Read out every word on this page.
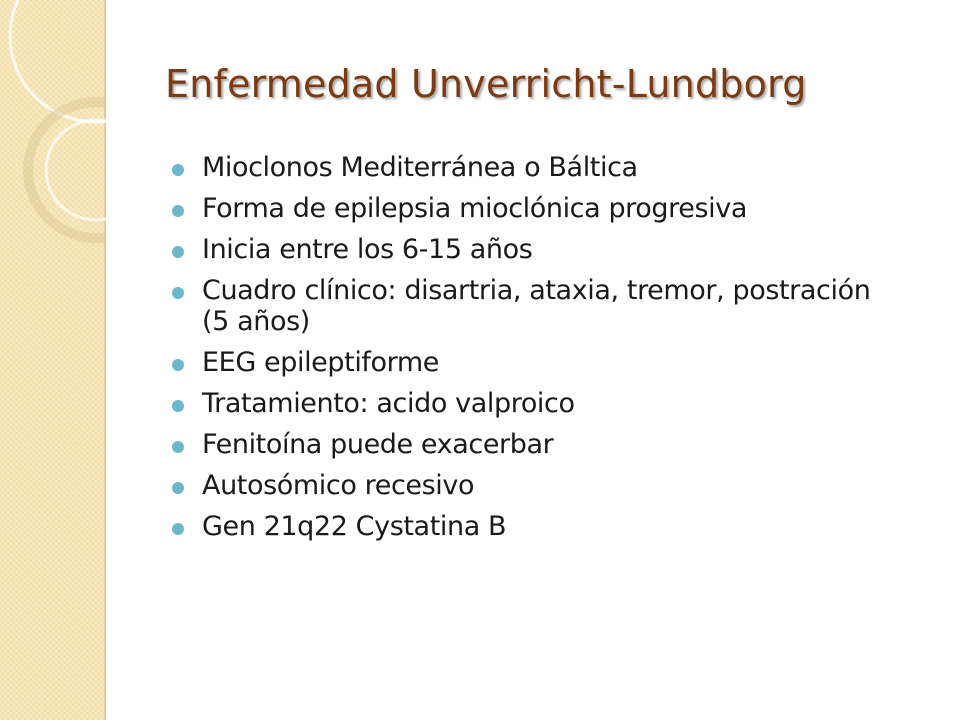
Enfermedad Unverricht-Lundborg
Mioclonos Mediterránea o Báltica
Forma de epilepsia mioclónica progresiva
Inicia entre los 6-15 años
Cuadro clínico: disartria, ataxia, tremor, postración (5 años)
EEG epileptiforme
Tratamiento: acido valproico
Fenitoína puede exacerbar
Autosómico recesivo
Gen 21q22 Cystatina B
